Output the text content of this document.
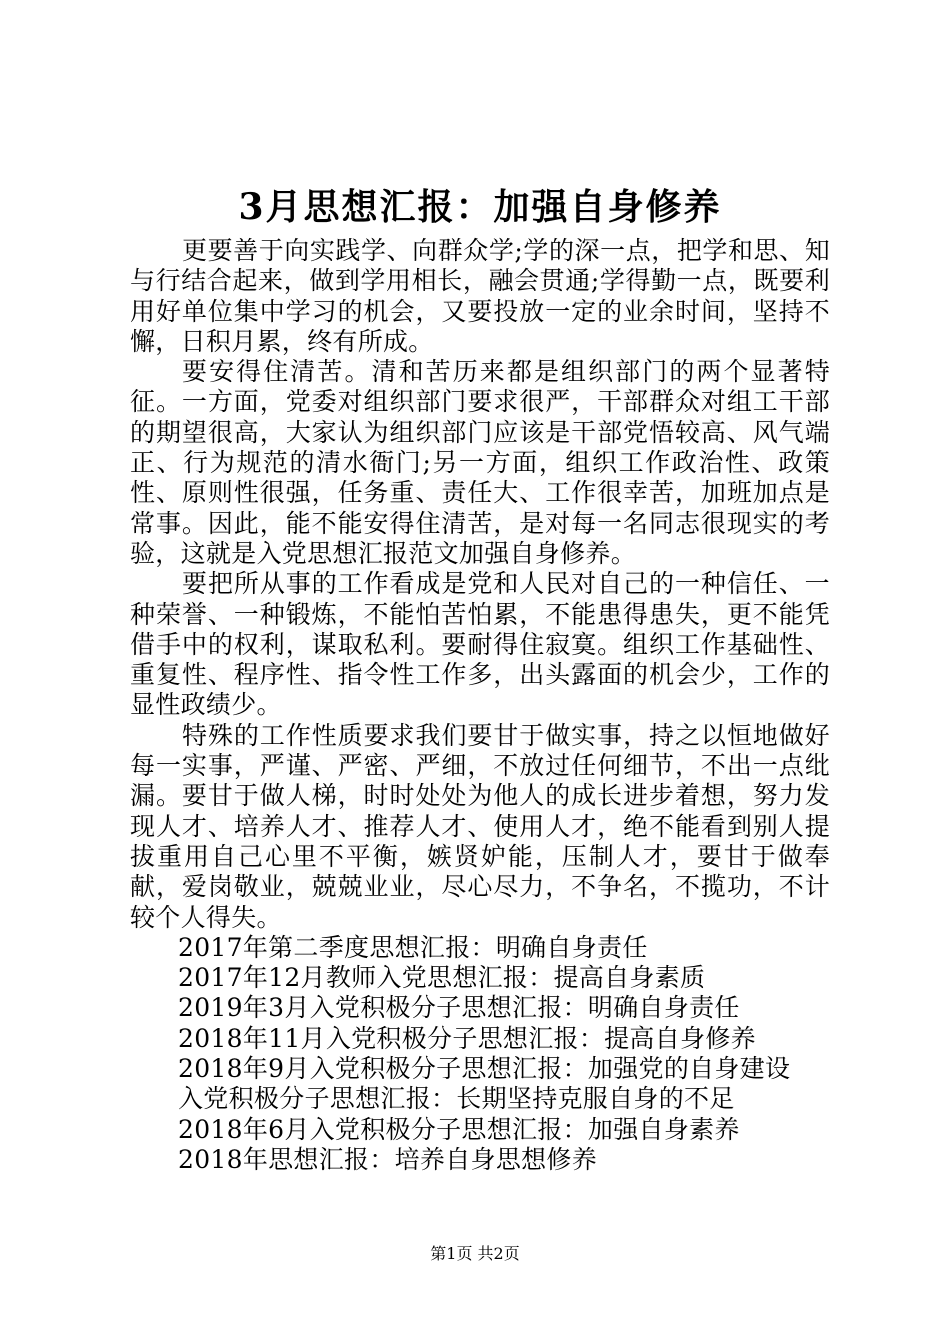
3月思想汇报：加强自身修养

更要善于向实践学、向群众学;学的深一点，把学和思、知与行结合起来，做到学用相长，融会贯通;学得勤一点，既要利用好单位集中学习的机会，又要投放一定的业余时间，坚持不懈，日积月累，终有所成。

要安得住清苦。清和苦历来都是组织部门的两个显著特征。一方面，党委对组织部门要求很严，干部群众对组工干部的期望很高，大家认为组织部门应该是干部党悟较高、风气端正、行为规范的清水衙门;另一方面，组织工作政治性、政策性、原则性很强，任务重、责任大、工作很幸苦，加班加点是常事。因此，能不能安得住清苦，是对每一名同志很现实的考验，这就是入党思想汇报范文加强自身修养。

要把所从事的工作看成是党和人民对自己的一种信任、一种荣誉、一种锻炼，不能怕苦怕累，不能患得患失，更不能凭借手中的权利，谋取私利。要耐得住寂寞。组织工作基础性、重复性、程序性、指令性工作多，出头露面的机会少，工作的显性政绩少。

特殊的工作性质要求我们要甘于做实事，持之以恒地做好每一实事，严谨、严密、严细，不放过任何细节，不出一点纰漏。要甘于做人梯，时时处处为他人的成长进步着想，努力发现人才、培养人才、推荐人才、使用人才，绝不能看到别人提拔重用自己心里不平衡，嫉贤妒能，压制人才，要甘于做奉献，爱岗敬业，兢兢业业，尽心尽力，不争名，不揽功，不计较个人得失。

2017年第二季度思想汇报：明确自身责任
2017年12月教师入党思想汇报：提高自身素质
2019年3月入党积极分子思想汇报：明确自身责任
2018年11月入党积极分子思想汇报：提高自身修养
2018年9月入党积极分子思想汇报：加强党的自身建设
入党积极分子思想汇报：长期坚持克服自身的不足
2018年6月入党积极分子思想汇报：加强自身素养
2018年思想汇报：培养自身思想修养
第1页 共2页
